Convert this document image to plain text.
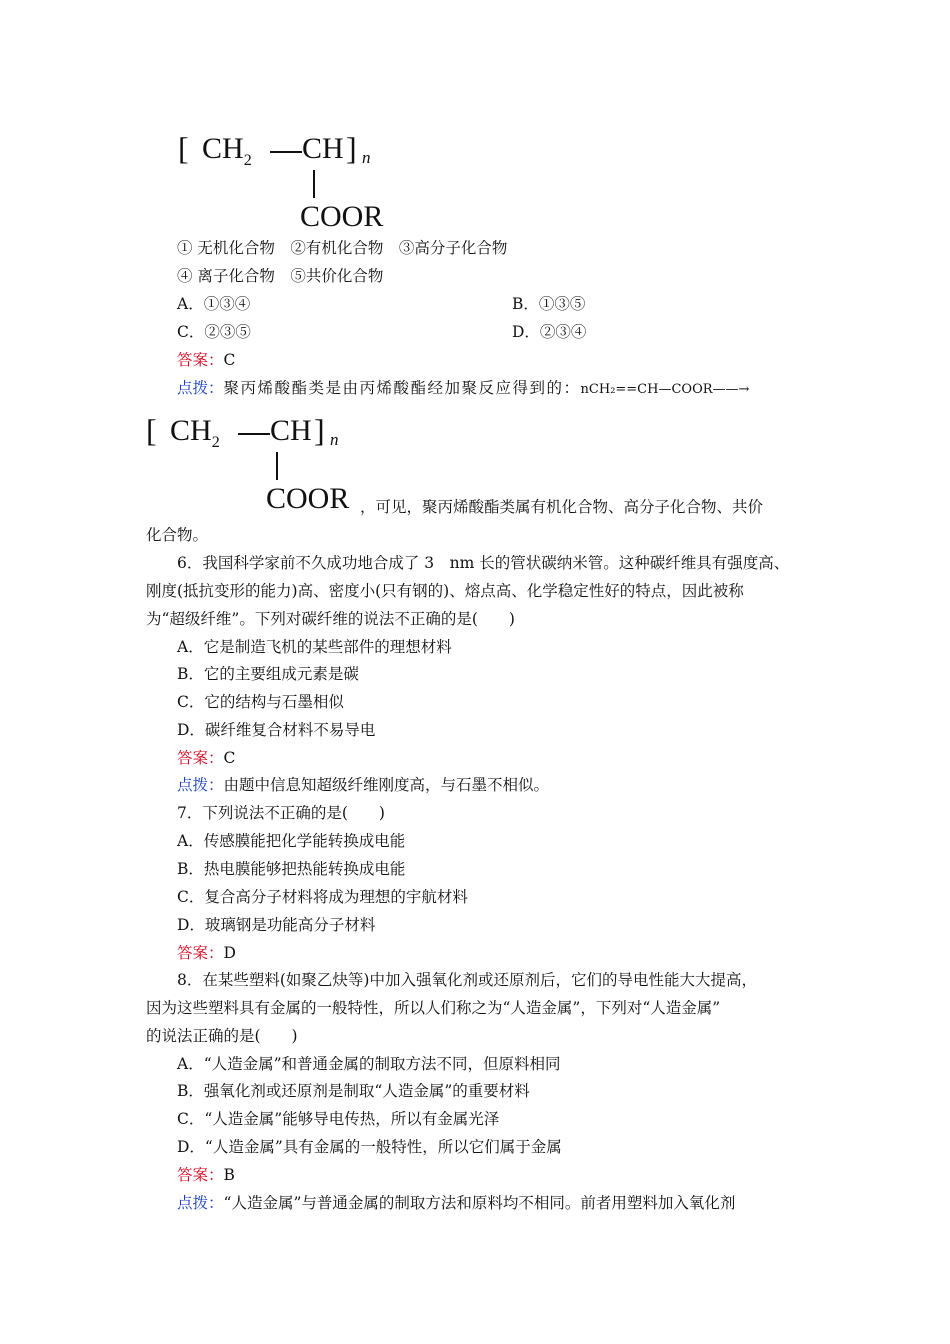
[ $CH_2$ CH ] n
COOR
① 无机化合物　②有机化合物　③高分子化合物
④ 离子化合物　⑤共价化合物
A．①③④	B．①③⑤
C．②③⑤	D．②③④
答案：C
点拨：聚丙烯酸酯类是由丙烯酸酯经加聚反应得到的：nCH₂==CH—COOR——→
[ $CH_2$ CH ] n
COOR ，可见，聚丙烯酸酯类属有机化合物、高分子化合物、共价
化合物。
6．我国科学家前不久成功地合成了 3　nm 长的管状碳纳米管。这种碳纤维具有强度高、
刚度(抵抗变形的能力)高、密度小(只有钢的)、熔点高、化学稳定性好的特点，因此被称
为“超级纤维”。下列对碳纤维的说法不正确的是(　　)
A．它是制造飞机的某些部件的理想材料
B．它的主要组成元素是碳
C．它的结构与石墨相似
D．碳纤维复合材料不易导电
答案：C
点拨：由题中信息知超级纤维刚度高，与石墨不相似。
7．下列说法不正确的是(　　)
A．传感膜能把化学能转换成电能
B．热电膜能够把热能转换成电能
C．复合高分子材料将成为理想的宇航材料
D．玻璃钢是功能高分子材料
答案：D
8．在某些塑料(如聚乙炔等)中加入强氧化剂或还原剂后，它们的导电性能大大提高，
因为这些塑料具有金属的一般特性，所以人们称之为“人造金属”，下列对“人造金属”
的说法正确的是(　　)
A．“人造金属”和普通金属的制取方法不同，但原料相同
B．强氧化剂或还原剂是制取“人造金属”的重要材料
C．“人造金属”能够导电传热，所以有金属光泽
D．“人造金属”具有金属的一般特性，所以它们属于金属
答案：B
点拨：“人造金属”与普通金属的制取方法和原料均不相同。前者用塑料加入氧化剂
